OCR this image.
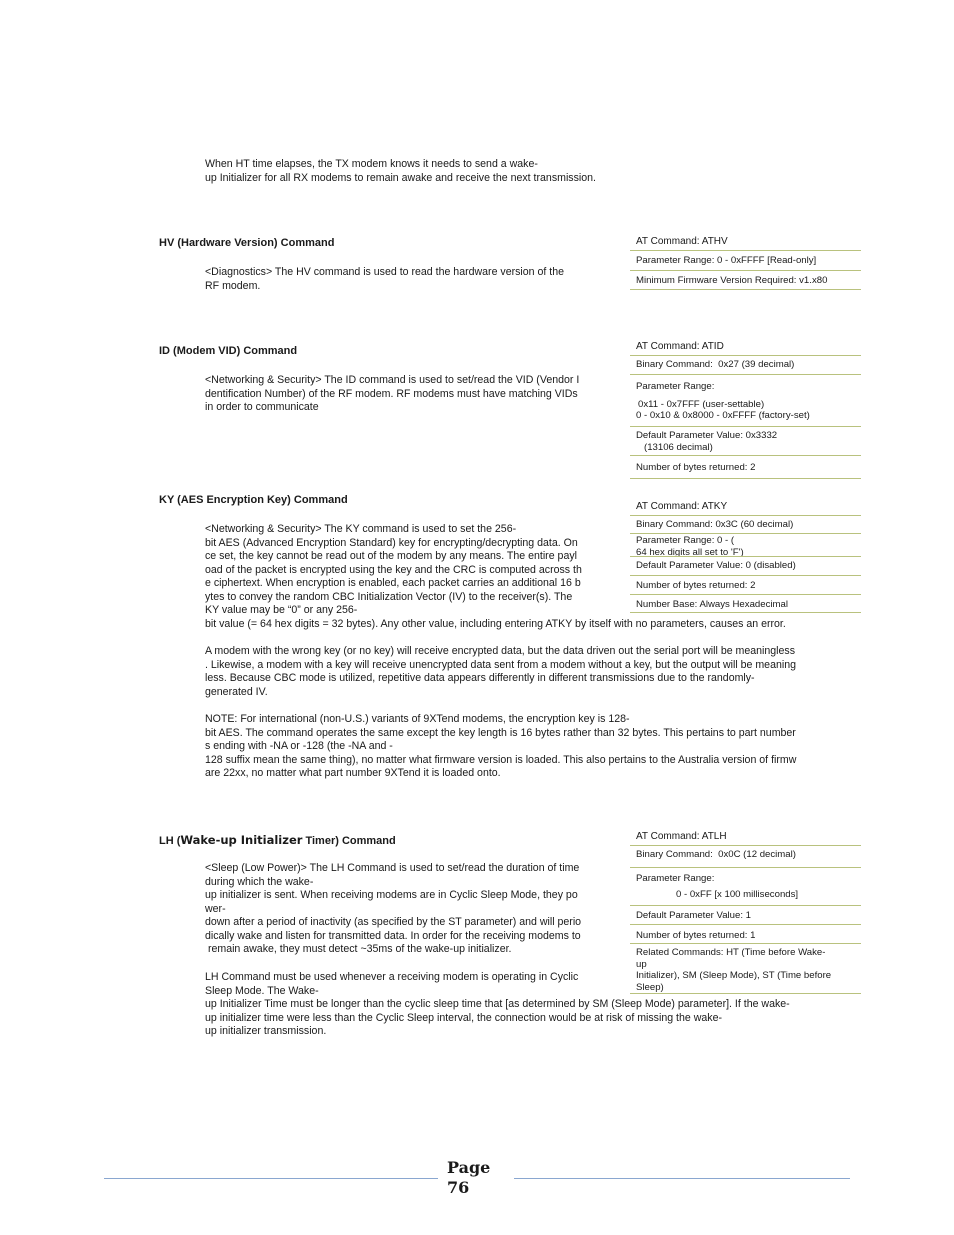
When HT time elapses, the TX modem knows it needs to send a wake-
up Initializer for all RX modems to remain awake and receive the next transmission.

HV (Hardware Version) Command

<Diagnostics> The HV command is used to read the hardware version of the
RF modem.
AT Command: ATHV
Parameter Range: 0 - 0xFFFF [Read-only]
Minimum Firmware Version Required: v1.x80

ID (Modem VID) Command

<Networking & Security> The ID command is used to set/read the VID (Vendor I
dentification Number) of the RF modem. RF modems must have matching VIDs
in order to communicate
AT Command: ATID
Binary Command:  0x27 (39 decimal)
Parameter Range:
0x11 - 0x7FFF (user-settable)
0 - 0x10 & 0x8000 - 0xFFFF (factory-set)
Default Parameter Value: 0x3332
(13106 decimal)
Number of bytes returned: 2

KY (AES Encryption Key) Command

<Networking & Security> The KY command is used to set the 256-
bit AES (Advanced Encryption Standard) key for encrypting/decrypting data. On
ce set, the key cannot be read out of the modem by any means. The entire payl
oad of the packet is encrypted using the key and the CRC is computed across th
e ciphertext. When encryption is enabled, each packet carries an additional 16 b
ytes to convey the random CBC Initialization Vector (IV) to the receiver(s). The
KY value may be “0” or any 256-
bit value (= 64 hex digits = 32 bytes). Any other value, including entering ATKY by itself with no parameters, causes an error.
A modem with the wrong key (or no key) will receive encrypted data, but the data driven out the serial port will be meaningless
. Likewise, a modem with a key will receive unencrypted data sent from a modem without a key, but the output will be meaning
less. Because CBC mode is utilized, repetitive data appears differently in different transmissions due to the randomly-
generated IV.
NOTE: For international (non-U.S.) variants of 9XTend modems, the encryption key is 128-
bit AES. The command operates the same except the key length is 16 bytes rather than 32 bytes. This pertains to part number
s ending with -NA or -128 (the -NA and -
128 suffix mean the same thing), no matter what firmware version is loaded. This also pertains to the Australia version of firmw
are 22xx, no matter what part number 9XTend it is loaded onto.
AT Command: ATKY
Binary Command: 0x3C (60 decimal)
Parameter Range: 0 - (
64 hex digits all set to 'F')
Default Parameter Value: 0 (disabled)
Number of bytes returned: 2
Number Base: Always Hexadecimal

LH (Wake-up Initializer Timer) Command

<Sleep (Low Power)> The LH Command is used to set/read the duration of time
during which the wake-
up initializer is sent. When receiving modems are in Cyclic Sleep Mode, they po
wer-
down after a period of inactivity (as specified by the ST parameter) and will perio
dically wake and listen for transmitted data. In order for the receiving modems to
remain awake, they must detect ~35ms of the wake-up initializer.
LH Command must be used whenever a receiving modem is operating in Cyclic
Sleep Mode. The Wake-
up Initializer Time must be longer than the cyclic sleep time that [as determined by SM (Sleep Mode) parameter]. If the wake-
up initializer time were less than the Cyclic Sleep interval, the connection would be at risk of missing the wake-
up initializer transmission.
AT Command: ATLH
Binary Command:  0x0C (12 decimal)
Parameter Range:
0 - 0xFF [x 100 milliseconds]
Default Parameter Value: 1
Number of bytes returned: 1
Related Commands: HT (Time before Wake-
up
Initializer), SM (Sleep Mode), ST (Time before
Sleep)
Page
76
